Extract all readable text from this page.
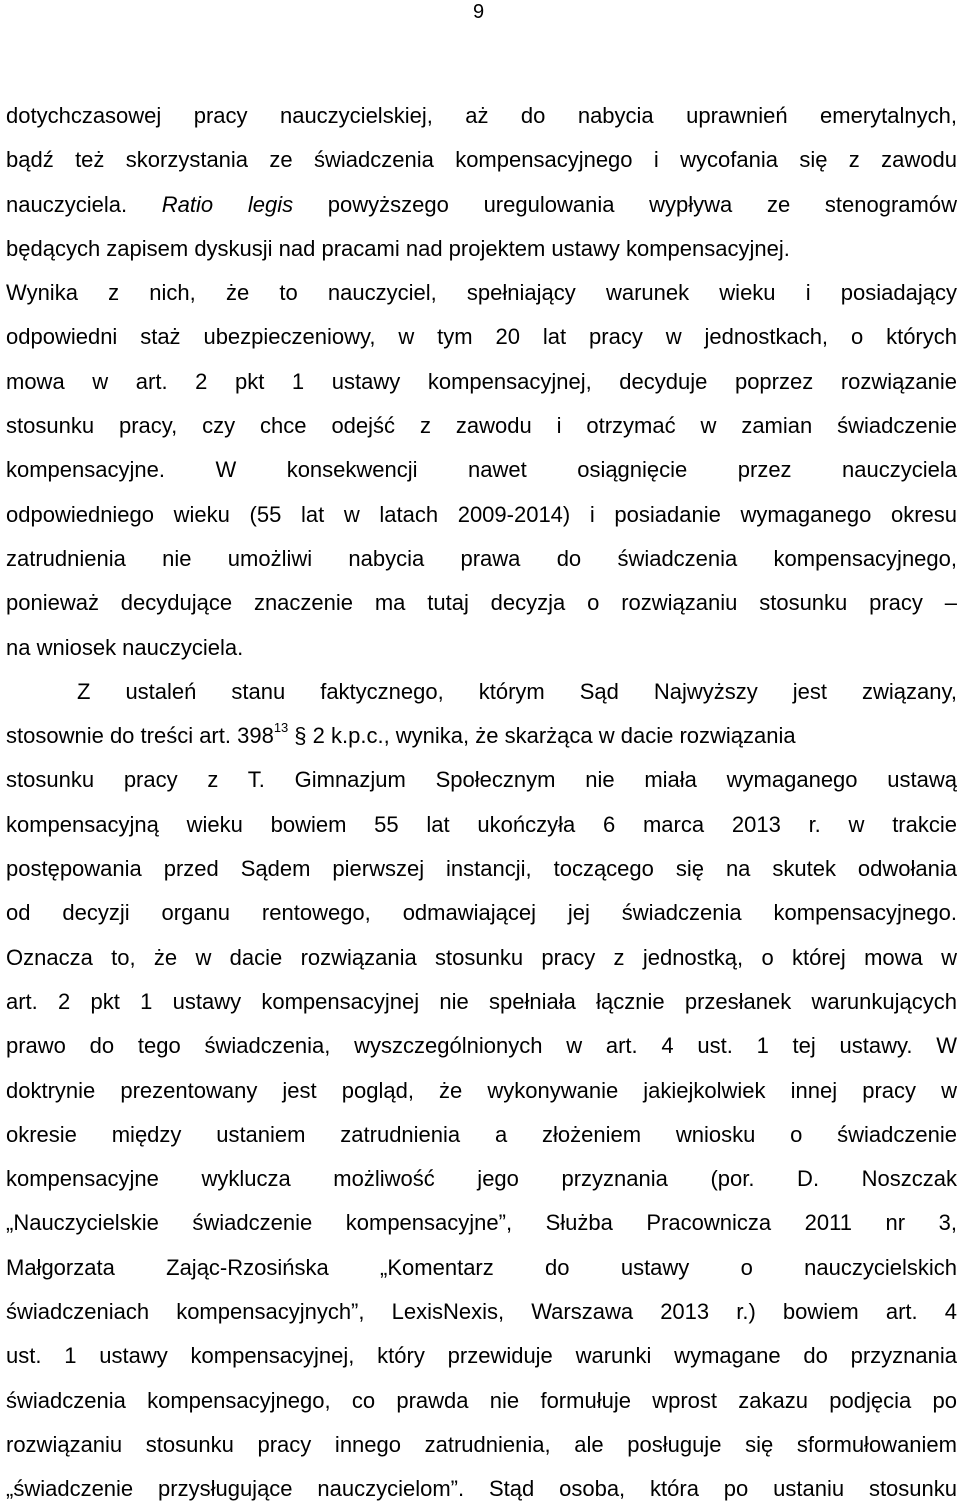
9
dotychczasowej pracy nauczycielskiej, aż do nabycia uprawnień emerytalnych,
bądź też skorzystania ze świadczenia kompensacyjnego i wycofania się z zawodu
nauczyciela. Ratio legis powyższego uregulowania wypływa ze stenogramów
będących zapisem dyskusji nad pracami nad projektem ustawy kompensacyjnej.
Wynika z nich, że to nauczyciel, spełniający warunek wieku i posiadający
odpowiedni staż ubezpieczeniowy, w tym 20 lat pracy w jednostkach, o których
mowa w art. 2 pkt 1 ustawy kompensacyjnej, decyduje poprzez rozwiązanie
stosunku pracy, czy chce odejść z zawodu i otrzymać w zamian świadczenie
kompensacyjne. W konsekwencji nawet osiągnięcie przez nauczyciela
odpowiedniego wieku (55 lat w latach 2009-2014) i posiadanie wymaganego okresu
zatrudnienia nie umożliwi nabycia prawa do świadczenia kompensacyjnego,
ponieważ decydujące znaczenie ma tutaj decyzja o rozwiązaniu stosunku pracy –
na wniosek nauczyciela.
Z ustaleń stanu faktycznego, którym Sąd Najwyższy jest związany,
stosownie do treści art. $398^{13}$ § 2 k.p.c., wynika, że skarżąca w dacie rozwiązania
stosunku pracy z T. Gimnazjum Społecznym nie miała wymaganego ustawą
kompensacyjną wieku bowiem 55 lat ukończyła 6 marca 2013 r. w trakcie
postępowania przed Sądem pierwszej instancji, toczącego się na skutek odwołania
od decyzji organu rentowego, odmawiającej jej świadczenia kompensacyjnego.
Oznacza to, że w dacie rozwiązania stosunku pracy z jednostką, o której mowa w
art. 2 pkt 1 ustawy kompensacyjnej nie spełniała łącznie przesłanek warunkujących
prawo do tego świadczenia, wyszczególnionych w art. 4 ust. 1 tej ustawy. W
doktrynie prezentowany jest pogląd, że wykonywanie jakiejkolwiek innej pracy w
okresie między ustaniem zatrudnienia a złożeniem wniosku o świadczenie
kompensacyjne wyklucza możliwość jego przyznania (por. D. Noszczak
„Nauczycielskie świadczenie kompensacyjne”, Służba Pracownicza 2011 nr 3,
Małgorzata Zając-Rzosińska „Komentarz do ustawy o nauczycielskich
świadczeniach kompensacyjnych”, LexisNexis, Warszawa 2013 r.) bowiem art. 4
ust. 1 ustawy kompensacyjnej, który przewiduje warunki wymagane do przyznania
świadczenia kompensacyjnego, co prawda nie formułuje wprost zakazu podjęcia po
rozwiązaniu stosunku pracy innego zatrudnienia, ale posługuje się sformułowaniem
„świadczenie przysługujące nauczycielom”. Stąd osoba, która po ustaniu stosunku
